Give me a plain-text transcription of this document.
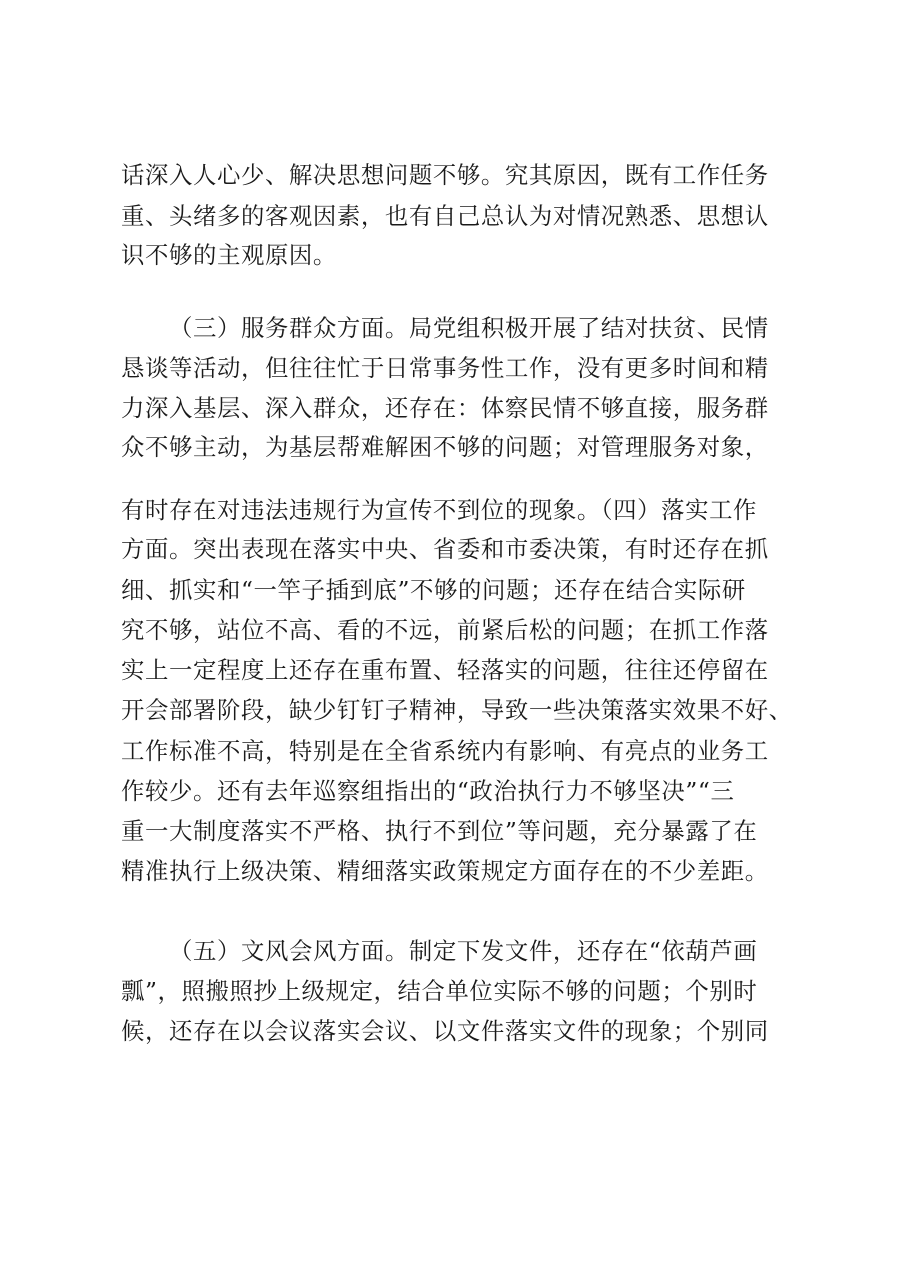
话深入人心少、解决思想问题不够。究其原因，既有工作任务
重、头绪多的客观因素，也有自己总认为对情况熟悉、思想认
识不够的主观原因。
（三）服务群众方面。局党组积极开展了结对扶贫、民情
恳谈等活动，但往往忙于日常事务性工作，没有更多时间和精
力深入基层、深入群众，还存在：体察民情不够直接，服务群
众不够主动，为基层帮难解困不够的问题；对管理服务对象，
有时存在对违法违规行为宣传不到位的现象。（四）落实工作
方面。突出表现在落实中央、省委和市委决策，有时还存在抓
细、抓实和“一竿子插到底”不够的问题；还存在结合实际研
究不够，站位不高、看的不远，前紧后松的问题；在抓工作落
实上一定程度上还存在重布置、轻落实的问题，往往还停留在
开会部署阶段，缺少钉钉子精神，导致一些决策落实效果不好、
工作标准不高，特别是在全省系统内有影响、有亮点的业务工
作较少。还有去年巡察组指出的“政治执行力不够坚决”“三
重一大制度落实不严格、执行不到位”等问题，充分暴露了在
精准执行上级决策、精细落实政策规定方面存在的不少差距。
（五）文风会风方面。制定下发文件，还存在“依葫芦画
瓢”，照搬照抄上级规定，结合单位实际不够的问题；个别时
候，还存在以会议落实会议、以文件落实文件的现象；个别同
